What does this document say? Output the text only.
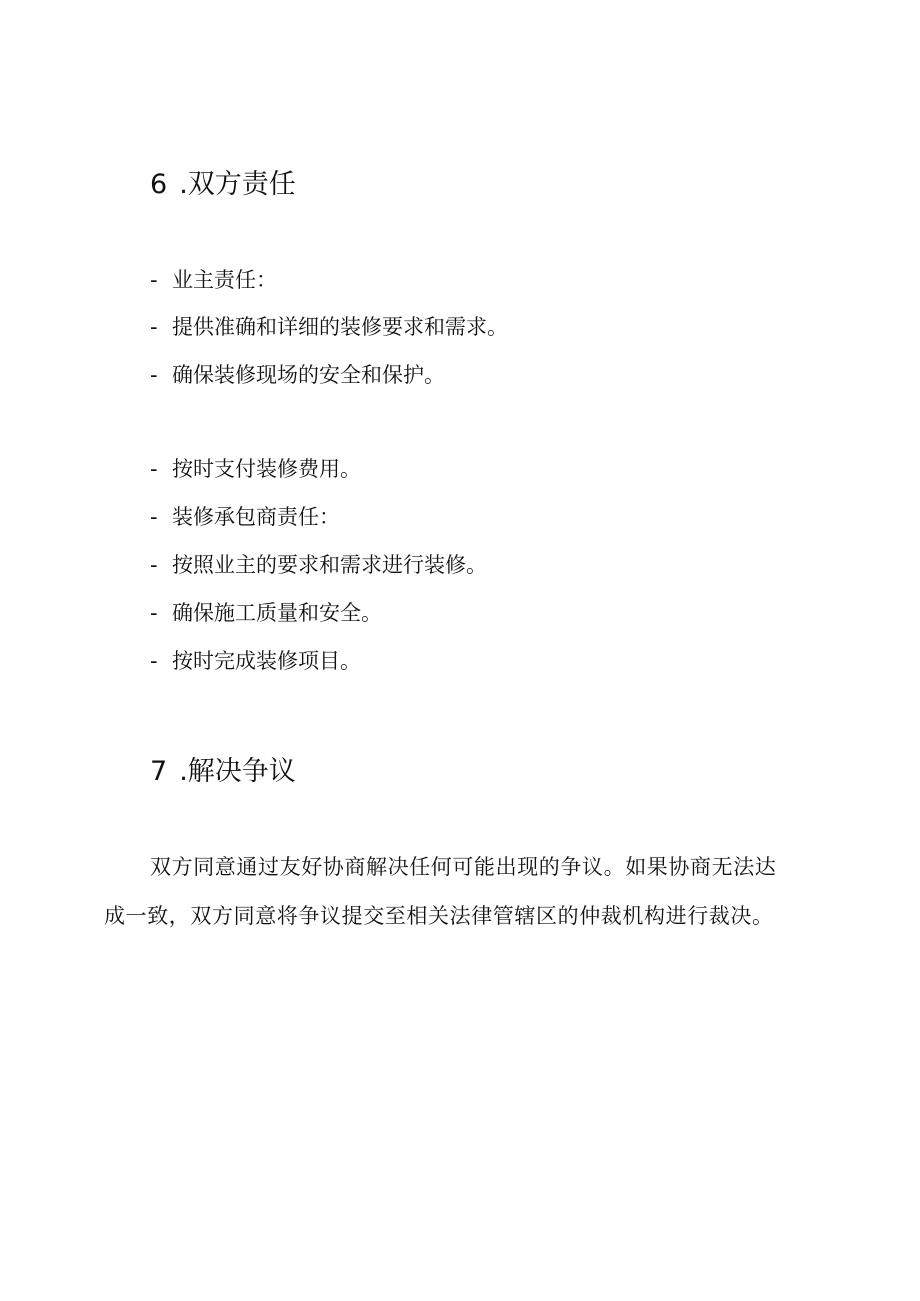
6 .双方责任
- 业主责任：
- 提供准确和详细的装修要求和需求。
- 确保装修现场的安全和保护。
- 按时支付装修费用。
- 装修承包商责任：
- 按照业主的要求和需求进行装修。
- 确保施工质量和安全。
- 按时完成装修项目。
7 .解决争议
双方同意通过友好协商解决任何可能出现的争议。如果协商无法达
成一致，双方同意将争议提交至相关法律管辖区的仲裁机构进行裁决。
